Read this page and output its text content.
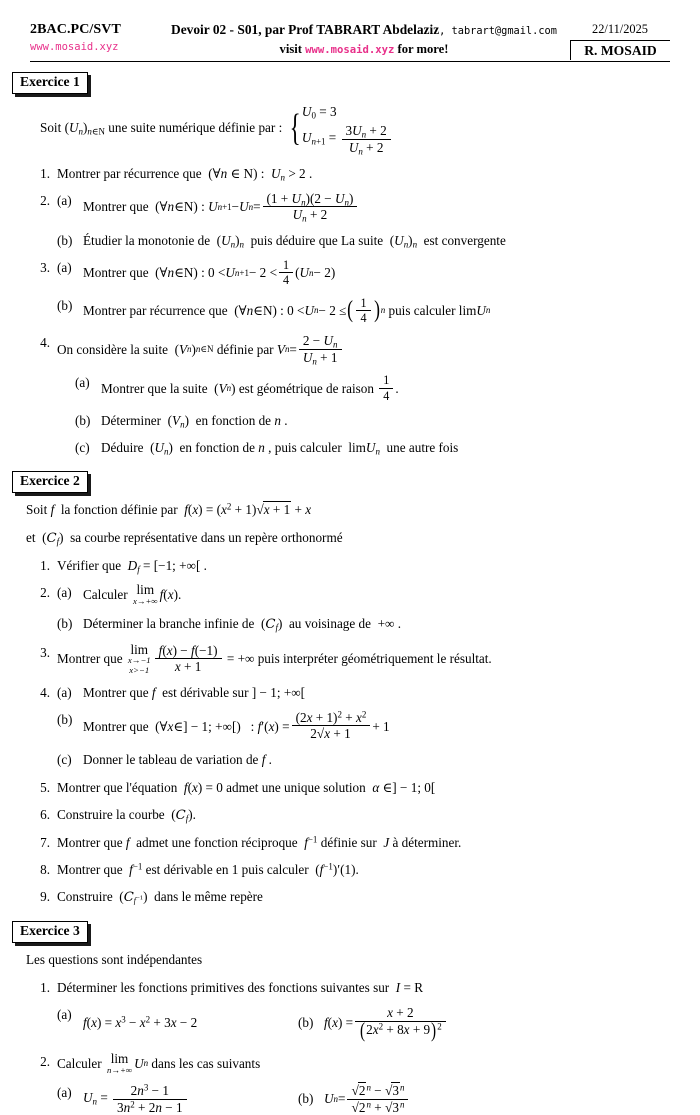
2BAC.PC/SVT
www.mosaid.xyz
Devoir 02 - S01, par Prof TABRART Abdelaziz, tabrart@gmail.com
visit www.mosaid.xyz for more!
22/11/2025
R. MOSAID
Exercice 1
Soit
$(U_n)_{n\in N}$
une suite numérique définie par :
{ $U_0 = 3$
$U_{n+1} = \frac{3U_n + 2}{U_n + 2}$
1. Montrer par récurrence que  (∀n ∈ N) : $U_n > 2$ .
2. (a) Montrer que (∀ n ∈ N ) : U n+1 − U $n = \frac{(1 + U_n)(2 - U_n)}{U_n + 2}$
(b) Étudier la monotonie de  $(U_n)_n$ puis déduire que La suite  $(U_n)_n$ est convergente
3. (a) Montrer que (∀ n ∈ N ) : 0 < U $n+1 - 2 < \frac{1}{4}$ ( U n − 2)
(b) Montrer par récurrence que (∀ n ∈ N ) : 0 < U n − 2 ≤ ( $\frac{1}{4}$ ) n
puis calculer
lim U n
4. On considère la suite ( V n ) n∈N
définie par
V $n = \frac{2 - U_n}{U_n + 1}$
(a) Montrer que la suite ( V n ) est géométrique de raison
$\frac{1}{4}$ .
(b) Déterminer  $(V_n)$  en fonction de n .
(c) Déduire  $(U_n)$  en fonction de n , puis calculer limU$_n$ une autre fois
Exercice 2
Soit f la fonction définie par $f(x) = (x^2 + 1)√x + 1 + x$
et  $(C_f)$  sa courbe représentative dans un repère orthonormé
1. Vérifier que $D_f = [-1$; +∞[ .
2. (a) Calculer
lim
x→+∞ f ( x ) .
(b) Déterminer la branche infinie de  $(C_f)$  au voisinage de +∞ .
3. Montrer que

lim
x→−1
$x>-1 \frac{f(x) - f(-1)}{x + 1}$
= +∞ puis interpréter géométriquement le résultat.
4. (a) Montrer que f est dérivable sur ] − 1; +∞[
(b) Montrer que (∀ x ∈] − 1; +∞[) : f ′( x ) = $\frac{(2x + 1)^2 + x^2}{2√x + 1} + 1$
(c) Donner le tableau de variation de f .
5. Montrer que l'équation f(x) = 0 admet une unique solution α ∈] − 1; 0[
6. Construire la courbe  $(C_f)$.
7. Montrer que f admet une fonction réciproque $f^{-1}$ définie sur J à déterminer.
8. Montrer que $f^{-1}$ est dérivable en 1 puis calculer  $(f^{-1})'(1)$.
9. Construire  $(C_{f^{-1}})$  dans le même repère
Exercice 3
Les questions sont indépendantes
1. Déterminer les fonctions primitives des fonctions suivantes sur I = R
(a)
$f(x) = x^3 - x^2 + 3x - 2$	(b) f ( x ) = $\frac{x + 2}{(2x^2 + 8x + 9)^2}$
2. Calculer
lim
n→+∞ U n
dans les cas suivants
(a) $U_n = \frac{2n^3 - 1}{3n^2 + 2n - 1}$	(b) U $n = \frac{√2^n - √3^n}{√2^n + √3^n}$
